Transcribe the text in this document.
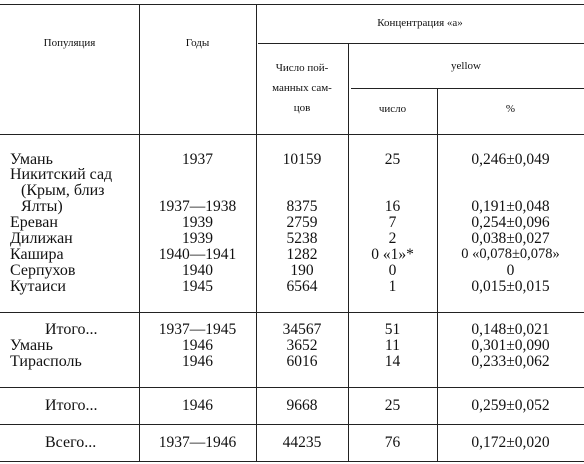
Популяция	Годы
Концентрация «а»
Число пой-
манных сам-
цов
yellow
число	%
Умань	1937	10159	25	0,246±0,049
Никитский сад
(Крым, близ
Ялты)	1937—1938	8375	16	0,191±0,048
Ереван	1939	2759	7	0,254±0,096
Дилижан	1939	5238	2	0,038±0,027
Кашира	1940—1941	1282	0 «1»*	0 «0,078±0,078»
Серпухов	1940	190	0	0
Кутаиси	1945	6564	1	0,015±0,015
Итого...	1937—1945	34567	51	0,148±0,021
Умань	1946	3652	11	0,301±0,090
Тирасполь	1946	6016	14	0,233±0,062
Итого...	1946	9668	25	0,259±0,052
Всего...	1937—1946	44235	76	0,172±0,020
